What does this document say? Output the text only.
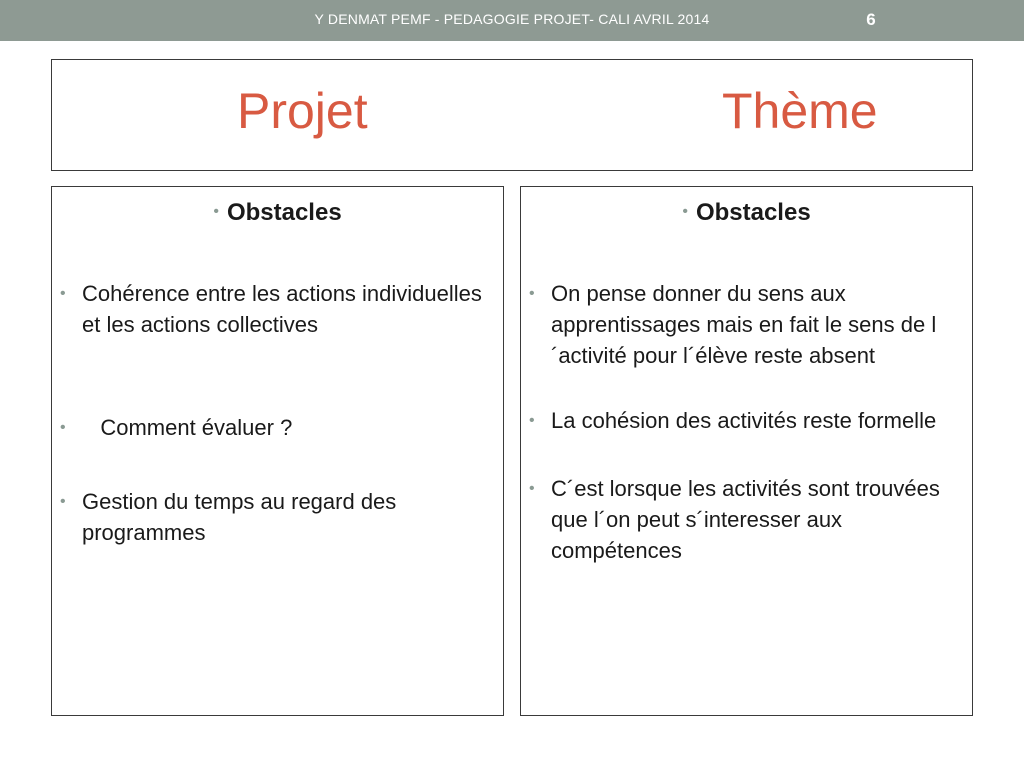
Y DENMAT PEMF - PEDAGOGIE PROJET- CALI AVRIL 2014	6
Projet	Thème
• Obstacles
• Cohérence entre les actions individuelles et les actions collectives
• Comment évaluer ?
• Gestion du temps au regard des programmes
• Obstacles
• On pense donner du sens aux apprentissages mais en fait le sens de l´activité pour l´élève reste absent
• La cohésion des activités reste formelle
• C´est lorsque les activités sont trouvées que l´on peut s´interesser aux compétences
